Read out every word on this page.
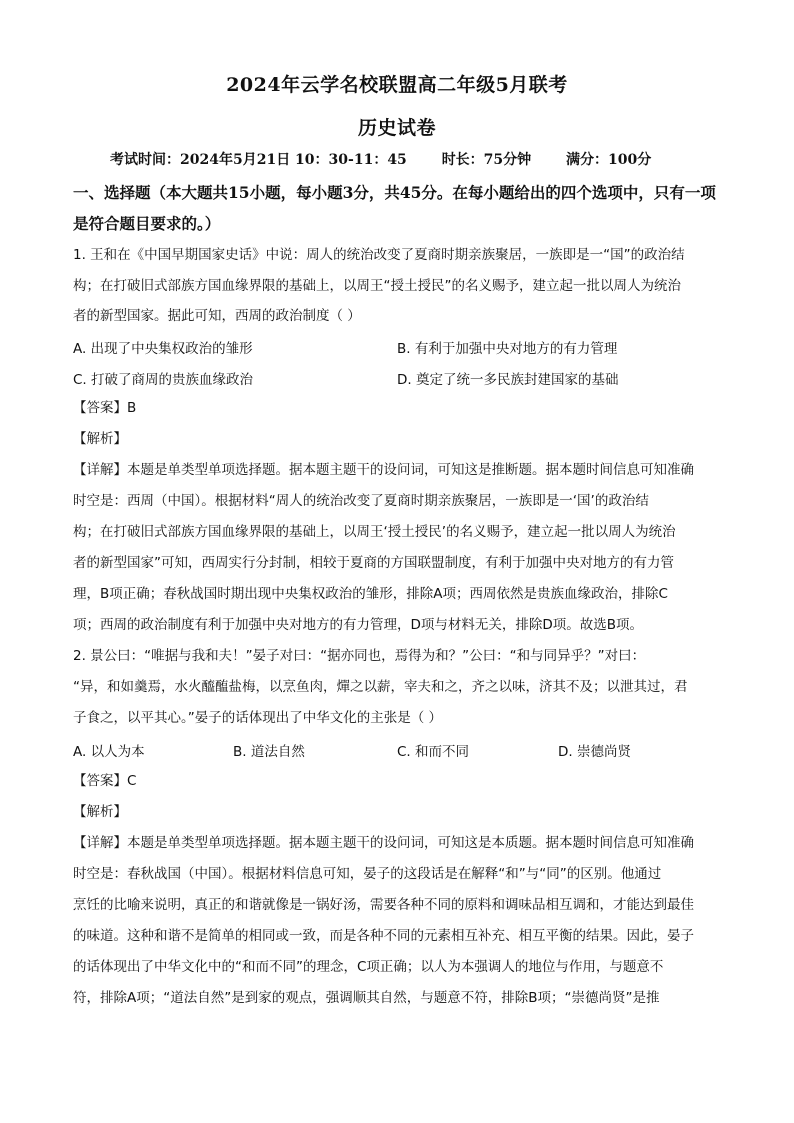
2024年云学名校联盟高二年级5月联考
历史试卷
考试时间：2024年5月21日 10：30-11：45 时长：75分钟 满分：100分
一、选择题（本大题共15小题，每小题3分，共45分。在每小题给出的四个选项中，只有一项是符合题目要求的。）
1. 王和在《中国早期国家史话》中说：周人的统治改变了夏商时期亲族聚居，一族即是一“国”的政治结
构；在打破旧式部族方国血缘界限的基础上，以周王“授土授民”的名义赐予，建立起一批以周人为统治
者的新型国家。据此可知，西周的政治制度（ ）
A. 出现了中央集权政治的雏形	B. 有利于加强中央对地方的有力管理
C. 打破了商周的贵族血缘政治	D. 奠定了统一多民族封建国家的基础
【答案】B
【解析】
【详解】本题是单类型单项选择题。据本题主题干的设问词，可知这是推断题。据本题时间信息可知准确
时空是：西周（中国）。根据材料“周人的统治改变了夏商时期亲族聚居，一族即是一‘国’的政治结
构；在打破旧式部族方国血缘界限的基础上，以周王‘授土授民’的名义赐予，建立起一批以周人为统治
者的新型国家”可知，西周实行分封制，相较于夏商的方国联盟制度，有利于加强中央对地方的有力管
理，B项正确；春秋战国时期出现中央集权政治的雏形，排除A项；西周依然是贵族血缘政治，排除C
项；西周的政治制度有利于加强中央对地方的有力管理，D项与材料无关，排除D项。故选B项。
2. 景公曰：“唯据与我和夫！”晏子对曰：“据亦同也，焉得为和？”公曰：“和与同异乎？”对曰：
“异，和如羹焉，水火醯醢盐梅，以烹鱼肉，燀之以薪，宰夫和之，齐之以味，济其不及；以泄其过，君
子食之，以平其心。”晏子的话体现出了中华文化的主张是（ ）
A. 以人为本	B. 道法自然	C. 和而不同	D. 崇德尚贤
【答案】C
【解析】
【详解】本题是单类型单项选择题。据本题主题干的设问词，可知这是本质题。据本题时间信息可知准确
时空是：春秋战国（中国）。根据材料信息可知，晏子的这段话是在解释“和”与“同”的区别。他通过
烹饪的比喻来说明，真正的和谐就像是一锅好汤，需要各种不同的原料和调味品相互调和，才能达到最佳
的味道。这种和谐不是简单的相同或一致，而是各种不同的元素相互补充、相互平衡的结果。因此，晏子
的话体现出了中华文化中的“和而不同”的理念，C项正确；以人为本强调人的地位与作用，与题意不
符，排除A项；“道法自然”是到家的观点，强调顺其自然，与题意不符，排除B项；“崇德尚贤”是推
